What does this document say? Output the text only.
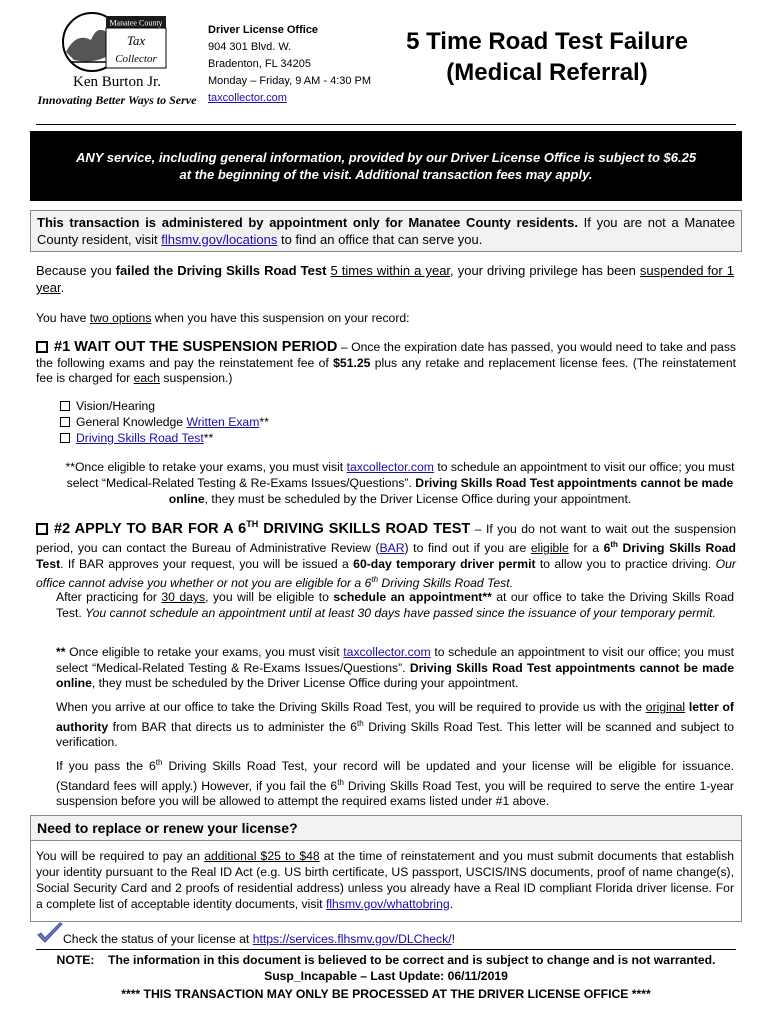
Manatee County
Tax
Collector
Ken Burton Jr.
Innovating Better Ways to Serve
Driver License Office
904 301 Blvd. W.
Bradenton, FL 34205
Monday – Friday, 9 AM - 4:30 PM
taxcollector.com
5 Time Road Test Failure
(Medical Referral)
ANY service, including general information, provided by our Driver License Office is subject to $6.25 at the beginning of the visit. Additional transaction fees may apply.
This transaction is administered by appointment only for Manatee County residents. If you are not a Manatee County resident, visit flhsmv.gov/locations to find an office that can serve you.
Because you failed the Driving Skills Road Test 5 times within a year, your driving privilege has been suspended for 1 year.
You have two options when you have this suspension on your record:
#1 WAIT OUT THE SUSPENSION PERIOD – Once the expiration date has passed, you would need to take and pass the following exams and pay the reinstatement fee of $51.25 plus any retake and replacement license fees. (The reinstatement fee is charged for each suspension.)
Vision/Hearing
General Knowledge Written Exam**
Driving Skills Road Test**
**Once eligible to retake your exams, you must visit taxcollector.com to schedule an appointment to visit our office; you must select “Medical-Related Testing & Re-Exams Issues/Questions”. Driving Skills Road Test appointments cannot be made online, they must be scheduled by the Driver License Office during your appointment.
#2 APPLY TO BAR FOR A 6TH DRIVING SKILLS ROAD TEST – If you do not want to wait out the suspension period, you can contact the Bureau of Administrative Review (BAR) to find out if you are eligible for a 6th Driving Skills Road Test. If BAR approves your request, you will be issued a 60-day temporary driver permit to allow you to practice driving. Our office cannot advise you whether or not you are eligible for a 6th Driving Skills Road Test.
After practicing for 30 days, you will be eligible to schedule an appointment** at our office to take the Driving Skills Road Test. You cannot schedule an appointment until at least 30 days have passed since the issuance of your temporary permit.
** Once eligible to retake your exams, you must visit taxcollector.com to schedule an appointment to visit our office; you must select “Medical-Related Testing & Re-Exams Issues/Questions”. Driving Skills Road Test appointments cannot be made online, they must be scheduled by the Driver License Office during your appointment.
When you arrive at our office to take the Driving Skills Road Test, you will be required to provide us with the original letter of authority from BAR that directs us to administer the 6th Driving Skills Road Test. This letter will be scanned and subject to verification.
If you pass the 6th Driving Skills Road Test, your record will be updated and your license will be eligible for issuance. (Standard fees will apply.) However, if you fail the 6th Driving Skills Road Test, you will be required to serve the entire 1-year suspension before you will be allowed to attempt the required exams listed under #1 above.
Need to replace or renew your license?
You will be required to pay an additional $25 to $48 at the time of reinstatement and you must submit documents that establish your identity pursuant to the Real ID Act (e.g. US birth certificate, US passport, USCIS/INS documents, proof of name change(s), Social Security Card and 2 proofs of residential address) unless you already have a Real ID compliant Florida driver license. For a complete list of acceptable identity documents, visit flhsmv.gov/whattobring.
Check the status of your license at https://services.flhsmv.gov/DLCheck/!
NOTE:    The information in this document is believed to be correct and is subject to change and is not warranted.
Susp_Incapable – Last Update: 06/11/2019
**** THIS TRANSACTION MAY ONLY BE PROCESSED AT THE DRIVER LICENSE OFFICE ****
